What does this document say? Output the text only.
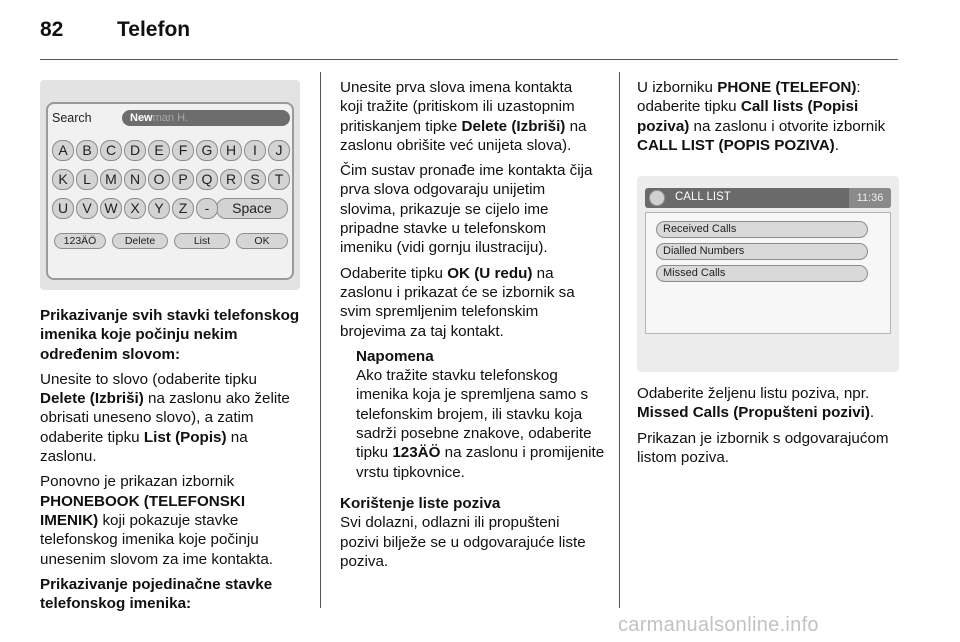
82	Telefon
Search	Newman H.
Space
123ÄÖ	Delete	List	OK
A	B	C D	E	F	G H	I	J
K	L	M N O P Q R	S	T
U	V W X	Y	Z	-

Prikazivanje svih stavki telefonskog
imenika koje počinju nekim
određenim slovom:

Unesite to slovo (odaberite tipku
Delete (Izbriši) na zaslonu ako želite
obrisati uneseno slovo), a zatim
odaberite tipku List (Popis) na
zaslonu.

Ponovno je prikazan izbornik
PHONEBOOK (TELEFONSKI
IMENIK) koji pokazuje stavke
telefonskog imenika koje počinju
unesenim slovom za ime kontakta.

Prikazivanje pojedinačne stavke
telefonskog imenika:

Unesite prva slova imena kontakta
koji tražite (pritiskom ili uzastopnim
pritiskanjem tipke Delete (Izbriši) na
zaslonu obrišite već unijeta slova).

Čim sustav pronađe ime kontakta čija
prva slova odgovaraju unijetim
slovima, prikazuje se cijelo ime
pripadne stavke u telefonskom
imeniku (vidi gornju ilustraciju).

Odaberite tipku OK (U redu) na
zaslonu i prikazat će se izbornik sa
svim spremljenim telefonskim
brojevima za taj kontakt.

Napomena
Ako tražite stavku telefonskog
imenika koja je spremljena samo s
telefonskim brojem, ili stavku koja
sadrži posebne znakove, odaberite
tipku 123ÄÖ na zaslonu i promijenite
vrstu tipkovnice.

Korištenje liste poziva

Svi dolazni, odlazni ili propušteni
pozivi bilježe se u odgovarajuće liste
poziva.

U izborniku PHONE (TELEFON):
odaberite tipku Call lists (Popisi
poziva) na zaslonu i otvorite izbornik
CALL LIST (POPIS POZIVA).

CALL LIST	11:36
Received Calls
Dialled Numbers
Missed Calls

Odaberite željenu listu poziva, npr.
Missed Calls (Propušteni pozivi).

Prikazan je izbornik s odgovarajućom
listom poziva.

carmanualsonline.info
